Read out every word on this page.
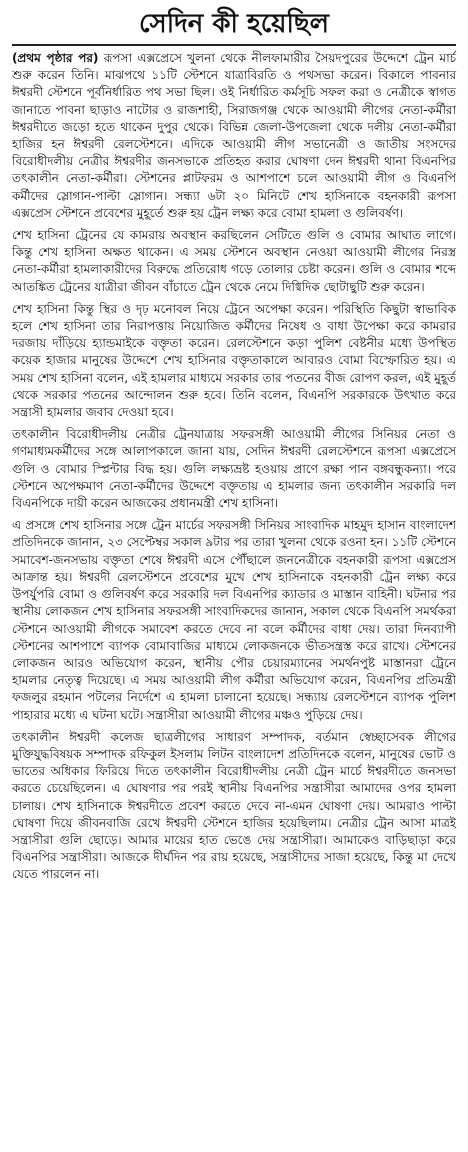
সেদিন কী হয়েছিল

(প্রথম পৃষ্ঠার পর) রূপসা এক্সপ্রেসে খুলনা থেকে নীলফামারীর সৈয়দপুরের উদ্দেশে ট্রেন মার্চ শুরু করেন তিনি। মাঝপথে ১১টি স্টেশনে যাত্রাবিরতি ও পথসভা করেন। বিকালে পাবনার ঈশ্বরদী স্টেশনে পূর্বনির্ধারিত পথ সভা ছিল। ওই নির্ধারিত কর্মসূচি সফল করা ও নেত্রীকে স্বাগত জানাতে পাবনা ছাড়াও নাটোর ও রাজশাহী, সিরাজগঞ্জ থেকে আওয়ামী লীগের নেতা-কর্মীরা ঈশ্বরদীতে জড়ো হতে থাকেন দুপুর থেকে। বিভিন্ন জেলা-উপজেলা থেকে দলীয় নেতা-কর্মীরা হাজির হন ঈশ্বরদী রেলস্টেশনে। এদিকে আওয়ামী লীগ সভানেত্রী ও জাতীয় সংসদের বিরোধীদলীয় নেত্রীর ঈশ্বরদীর জনসভাকে প্রতিহত করার ঘোষণা দেন ঈশ্বরদী থানা বিএনপির তৎকালীন নেতা-কর্মীরা। স্টেশনের প্লাটফরম ও আশপাশে চলে আওয়ামী লীগ ও বিএনপি কর্মীদের স্লোগান-পাল্টা স্লোগান। সন্ধ্যা ৬টা ২০ মিনিটে শেখ হাসিনাকে বহনকারী রূপসা এক্সপ্রেস স্টেশনে প্রবেশের মুহূর্তে শুরু হয় ট্রেন লক্ষ্য করে বোমা হামলা ও গুলিবর্ষণ।

শেখ হাসিনা ট্রেনের যে কামরায় অবস্থান করছিলেন সেটিতে গুলি ও বোমার আঘাত লাগে। কিন্তু শেখ হাসিনা অক্ষত থাকেন। এ সময় স্টেশনে অবস্থান নেওয়া আওয়ামী লীগের নিরস্ত্র নেতা-কর্মীরা হামলাকারীদের বিরুদ্ধে প্রতিরোধ গড়ে তোলার চেষ্টা করেন। গুলি ও বোমার শব্দে আতঙ্কিত ট্রেনের যাত্রীরা জীবন বাঁচাতে ট্রেন থেকে নেমে দিগ্বিদিক ছোটাছুটি শুরু করেন।

শেখ হাসিনা কিন্তু স্থির ও দৃঢ় মনোবল নিয়ে ট্রেনে অপেক্ষা করেন। পরিস্থিতি কিছুটা স্বাভাবিক হলে শেখ হাসিনা তার নিরাপত্তায় নিয়োজিত কর্মীদের নিষেধ ও বাধা উপেক্ষা করে কামরার দরজায় দাঁড়িয়ে হ্যান্ডমাইকে বক্তৃতা করেন। রেলস্টেশনে কড়া পুলিশ বেষ্টনীর মধ্যে উপস্থিত কয়েক হাজার মানুষের উদ্দেশে শেখ হাসিনার বক্তৃতাকালে আবারও বোমা বিস্ফোরিত হয়। এ সময় শেখ হাসিনা বলেন, এই হামলার মাধ্যমে সরকার তার পতনের বীজ রোপণ করল, এই মুহূর্ত থেকে সরকার পতনের আন্দোলন শুরু হবে। তিনি বলেন, বিএনপি সরকারকে উৎখাত করে সন্ত্রাসী হামলার জবাব দেওয়া হবে।

তৎকালীন বিরোধীদলীয় নেত্রীর ট্রেনযাত্রায় সফরসঙ্গী আওয়ামী লীগের সিনিয়র নেতা ও গণমাধ্যমকর্মীদের সঙ্গে আলাপকালে জানা যায়, সেদিন ঈশ্বরদী রেলস্টেশনে রূপসা এক্সপ্রেসে গুলি ও বোমার স্প্লিন্টার বিদ্ধ হয়। গুলি লক্ষ্যভ্রষ্ট হওয়ায় প্রাণে রক্ষা পান বঙ্গবন্ধুকন্যা। পরে স্টেশনে অপেক্ষমাণ নেতা-কর্মীদের উদ্দেশে বক্তৃতায় এ হামলার জন্য তৎকালীন সরকারি দল বিএনপিকে দায়ী করেন আজকের প্রধানমন্ত্রী শেখ হাসিনা।

এ প্রসঙ্গে শেখ হাসিনার সঙ্গে ট্রেন মার্চের সফরসঙ্গী সিনিয়র সাংবাদিক মাহমুদ হাসান বাংলাদেশ প্রতিদিনকে জানান, ২৩ সেপ্টেম্বর সকাল ৯টার পর তারা খুলনা থেকে রওনা হন। ১১টি স্টেশনে সমাবেশ-জনসভায় বক্তৃতা শেষে ঈশ্বরদী এসে পৌঁছালে জননেত্রীকে বহনকারী রূপসা এক্সপ্রেস আক্রান্ত হয়। ঈশ্বরদী রেলস্টেশনে প্রবেশের মুখে শেখ হাসিনাকে বহনকারী ট্রেন লক্ষ্য করে উপর্যুপরি বোমা ও গুলিবর্ষণ করে সরকারি দল বিএনপির ক্যাডার ও মাস্তান বাহিনী। ঘটনার পর স্থানীয় লোকজন শেখ হাসিনার সফরসঙ্গী সাংবাদিকদের জানান, সকাল থেকে বিএনপি সমর্থকরা স্টেশনে আওয়ামী লীগকে সমাবেশ করতে দেবে না বলে কর্মীদের বাধা দেয়। তারা দিনব্যাপী স্টেশনের আশপাশে ব্যাপক বোমাবাজির মাধ্যমে লোকজনকে ভীতসন্ত্রস্ত করে রাখে। স্টেশনের লোকজন আরও অভিযোগ করেন, স্থানীয় পৌর চেয়ারম্যানের সমর্থনপুষ্ট মাস্তানরা ট্রেনে হামলার নেতৃত্ব দিয়েছে। এ সময় আওয়ামী লীগ কর্মীরা অভিযোগ করেন, বিএনপির প্রতিমন্ত্রী ফজলুর রহমান পটলের নির্দেশে এ হামলা চালানো হয়েছে। সন্ধ্যায় রেলস্টেশনে ব্যাপক পুলিশ পাহারার মধ্যে এ ঘটনা ঘটে। সন্ত্রাসীরা আওয়ামী লীগের মঞ্চও পুড়িয়ে দেয়।

তৎকালীন ঈশ্বরদী কলেজ ছাত্রলীগের সাধারণ সম্পাদক, বর্তমান স্বেচ্ছাসেবক লীগের মুক্তিযুদ্ধবিষয়ক সম্পাদক রফিকুল ইসলাম লিটন বাংলাদেশ প্রতিদিনকে বলেন, মানুষের ভোট ও ভাতের অধিকার ফিরিয়ে দিতে তৎকালীন বিরোধীদলীয় নেত্রী ট্রেন মার্চে ঈশ্বরদীতে জনসভা করতে চেয়েছিলেন। এ ঘোষণার পর পরই স্থানীয় বিএনপির সন্ত্রাসীরা আমাদের ওপর হামলা চালায়। শেখ হাসিনাকে ঈশ্বরদীতে প্রবেশ করতে দেবে না-এমন ঘোষণা দেয়। আমরাও পাল্টা ঘোষণা দিয়ে জীবনবাজি রেখে ঈশ্বরদী স্টেশনে হাজির হয়েছিলাম। নেত্রীর ট্রেন আসা মাত্রই সন্ত্রাসীরা গুলি ছোড়ে। আমার মায়ের হাত ভেঙে দেয় সন্ত্রাসীরা। আমাকেও বাড়িছাড়া করে বিএনপির সন্ত্রাসীরা। আজকে দীর্ঘদিন পর রায় হয়েছে, সন্ত্রাসীদের সাজা হয়েছে, কিন্তু মা দেখে যেতে পারলেন না।
